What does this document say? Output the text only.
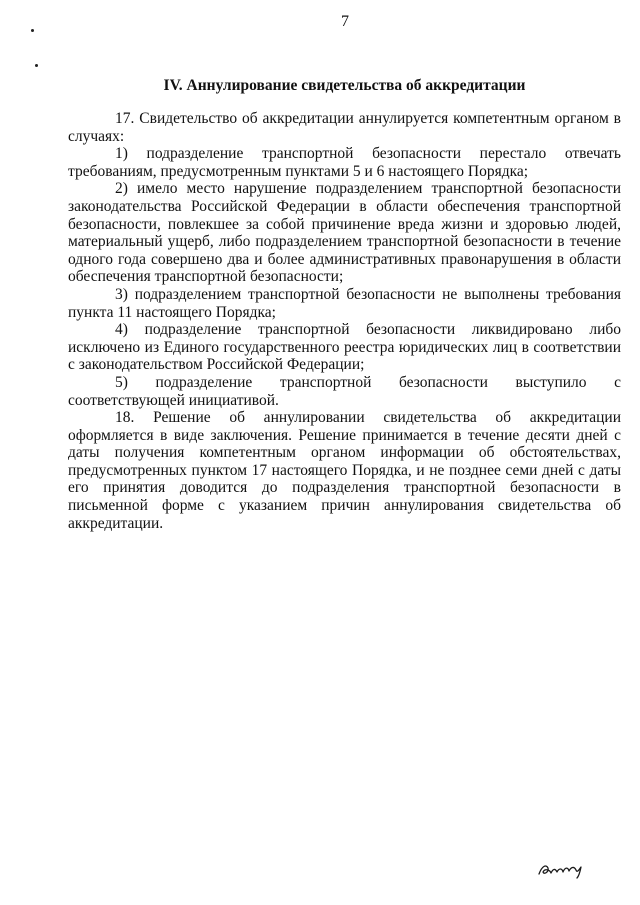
7
IV. Аннулирование свидетельства об аккредитации

17. Свидетельство об аккредитации аннулируется компетентным органом в случаях:

1) подразделение транспортной безопасности перестало отвечать требованиям, предусмотренным пунктами 5 и 6 настоящего Порядка;

2) имело место нарушение подразделением транспортной безопасности законодательства Российской Федерации в области обеспечения транспортной безопасности, повлекшее за собой причинение вреда жизни и здоровью людей, материальный ущерб, либо подразделением транспортной безопасности в течение одного года совершено два и более административных правонарушения в области обеспечения транспортной безопасности;

3) подразделением транспортной безопасности не выполнены требования пункта 11 настоящего Порядка;

4) подразделение транспортной безопасности ликвидировано либо исключено из Единого государственного реестра юридических лиц в соответствии с законодательством Российской Федерации;

5) подразделение транспортной безопасности выступило с соответствующей инициативой.

18. Решение об аннулировании свидетельства об аккредитации оформляется в виде заключения. Решение принимается в течение десяти дней с даты получения компетентным органом информации об обстоятельствах, предусмотренных пунктом 17 настоящего Порядка, и не позднее семи дней с даты его принятия доводится до подразделения транспортной безопасности в письменной форме с указанием причин аннулирования свидетельства об аккредитации.
